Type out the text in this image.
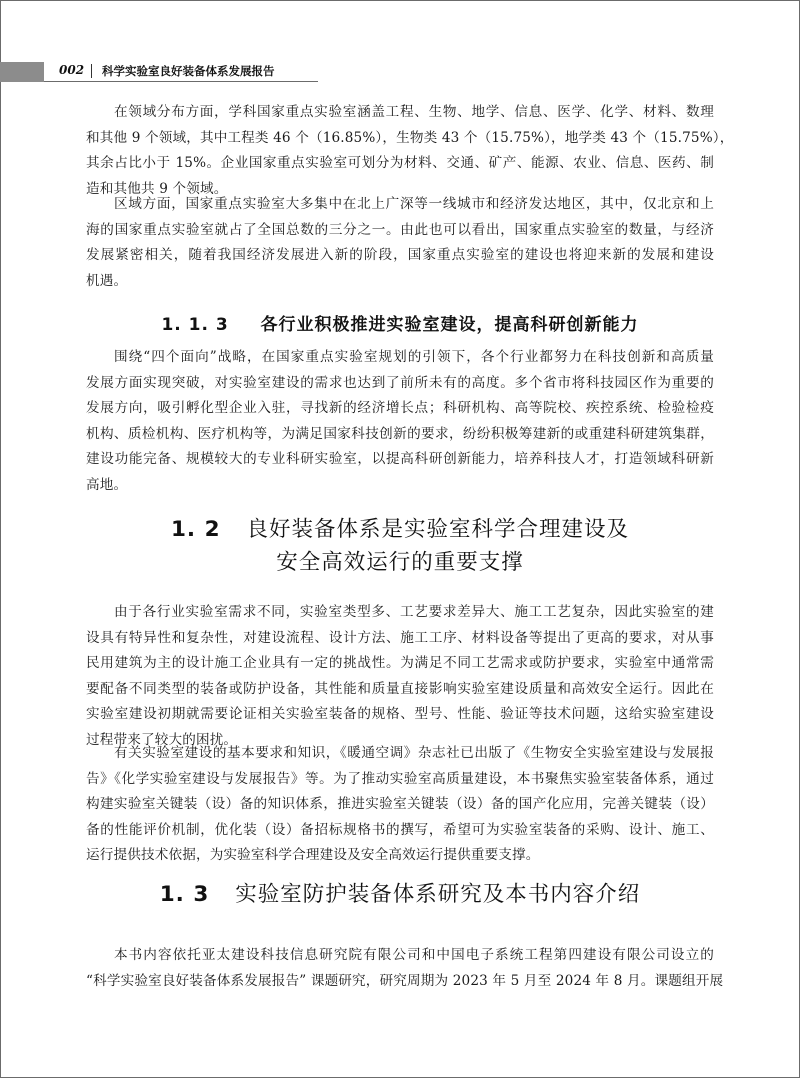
002 科学实验室良好装备体系发展报告
在领域分布方面，学科国家重点实验室涵盖工程、生物、地学、信息、医学、化学、材料、数理
和其他 9 个领域，其中工程类 46 个（16.85%），生物类 43 个（15.75%），地学类 43 个（15.75%），
其余占比小于 15%。企业国家重点实验室可划分为材料、交通、矿产、能源、农业、信息、医药、制
造和其他共 9 个领域。
区域方面，国家重点实验室大多集中在北上广深等一线城市和经济发达地区，其中，仅北京和上
海的国家重点实验室就占了全国总数的三分之一。由此也可以看出，国家重点实验室的数量，与经济
发展紧密相关，随着我国经济发展进入新的阶段，国家重点实验室的建设也将迎来新的发展和建设
机遇。
1. 1. 3 各行业积极推进实验室建设，提高科研创新能力
围绕“四个面向”战略，在国家重点实验室规划的引领下，各个行业都努力在科技创新和高质量
发展方面实现突破，对实验室建设的需求也达到了前所未有的高度。多个省市将科技园区作为重要的
发展方向，吸引孵化型企业入驻，寻找新的经济增长点；科研机构、高等院校、疾控系统、检验检疫
机构、质检机构、医疗机构等，为满足国家科技创新的要求，纷纷积极筹建新的或重建科研建筑集群，
建设功能完备、规模较大的专业科研实验室，以提高科研创新能力，培养科技人才，打造领域科研新
高地。
1. 2 良好装备体系是实验室科学合理建设及
安全高效运行的重要支撑
由于各行业实验室需求不同，实验室类型多、工艺要求差异大、施工工艺复杂，因此实验室的建
设具有特异性和复杂性，对建设流程、设计方法、施工工序、材料设备等提出了更高的要求，对从事
民用建筑为主的设计施工企业具有一定的挑战性。为满足不同工艺需求或防护要求，实验室中通常需
要配备不同类型的装备或防护设备，其性能和质量直接影响实验室建设质量和高效安全运行。因此在
实验室建设初期就需要论证相关实验室装备的规格、型号、性能、验证等技术问题，这给实验室建设
过程带来了较大的困扰。
有关实验室建设的基本要求和知识，《暖通空调》杂志社已出版了《生物安全实验室建设与发展报
告》《化学实验室建设与发展报告》等。为了推动实验室高质量建设，本书聚焦实验室装备体系，通过
构建实验室关键装（设）备的知识体系，推进实验室关键装（设）备的国产化应用，完善关键装（设）
备的性能评价机制，优化装（设）备招标规格书的撰写，希望可为实验室装备的采购、设计、施工、
运行提供技术依据，为实验室科学合理建设及安全高效运行提供重要支撑。
1. 3 实验室防护装备体系研究及本书内容介绍
本书内容依托亚太建设科技信息研究院有限公司和中国电子系统工程第四建设有限公司设立的
“科学实验室良好装备体系发展报告” 课题研究，研究周期为 2023 年 5 月至 2024 年 8 月。课题组开展
